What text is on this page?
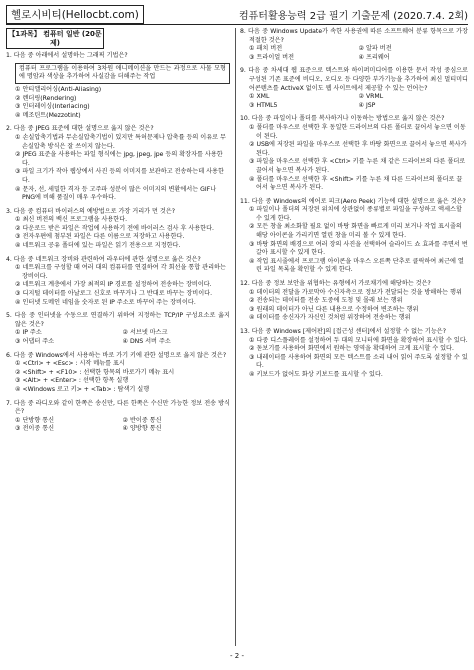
헬로시비티(Hellocbt.com)	컴퓨터활용능력 2급 필기 기출문제 (2020.7.4. 2회)
【1과목】 컴퓨터 일반 (20문제)
1. 다음 중 아래에서 설명하는 그래픽 기법은?
컴퓨터 프로그램을 이용하여 3차원 애니메이션을 만드는 과정으로 사물 모형에 명암과 색상을 추가하여 사실감을 더해주는 작업
① 안티앨리어싱(Anti-Aliasing)
② 렌더링(Rendering)
③ 인터레이싱(Interlacing)
④ 메조틴트(Mezzotint)
2. 다음 중 JPEG 표준에 대한 설명으로 옳지 않은 것은?
① 손실압축기법과 무손실압축기법이 있지만 특허문제나 압축률 등의 이유로 무손실압축 방식은 잘 쓰이지 않는다.
② JPEG 표준을 사용하는 파일 형식에는 jpg, jpeg, jpe 등의 확장자를 사용한다.
③ 파일 크기가 작아 웹상에서 사진 등의 이미지를 보관하고 전송하는데 사용한다.
④ 문자, 선, 세밀한 격자 등 고주파 성분이 많은 이미지의 변환에서는 GIF나 PNG에 비해 품질이 매우 우수하다.
3. 다음 중 컴퓨터 바이러스의 예방법으로 가장 거리가 먼 것은?
① 최신 버전의 백신 프로그램을 사용한다.
② 다운로드 받은 파일은 작업에 사용하기 전에 바이러스 검사 후 사용한다.
③ 전자우편에 첨부된 파일은 다른 이름으로 저장하고 사용한다.
④ 네트워크 공유 폴더에 있는 파일은 읽기 전용으로 지정한다.
4. 다음 중 네트워크 장비와 관련하여 라우터에 관한 설명으로 옳은 것은?
① 네트워크를 구성할 때 여러 대의 컴퓨터를 연결하여 각 회선을 통합 관리하는 장비이다.
② 네트워크 계층에서 가장 최적의 IP 경로를 설정하여 전송하는 장비이다.
③ 디지털 데이터를 아날로그 신호로 바꾸거나 그 반대로 바꾸는 장비이다.
④ 인터넷 도메인 네임을 숫자로 된 IP 주소로 바꾸어 주는 장비이다.
5. 다음 중 인터넷을 수동으로 연결하기 위하여 지정하는 TCP/IP 구성요소로 옳지 않은 것은?
① IP 주소	② 서브넷 마스크
③ 어댑터 주소	④ DNS 서버 주소
6. 다음 중 Windows에서 사용하는 바로 가기 키에 관한 설명으로 옳지 않은 것은?
① <Ctrl> + <Esc> : 시작 메뉴를 표시
② <Shift> + <F10> : 선택한 항목의 바로가기 메뉴 표시
③ <Alt> + <Enter> : 선택한 항목 실행
④ <Windows 로고 키> + <Tab> : 탐색기 실행
7. 다음 중 라디오와 같이 한쪽은 송신만, 다른 한쪽은 수신만 가능한 정보 전송 방식은?
① 단방향 통신	② 반이중 통신
③ 전이중 통신	④ 양방향 통신
8. 다음 중 Windows Update가 속한 사용권에 따른 소프트웨어 분류 항목으로 가장 적절한 것은?
① 패치 버전	② 알파 버전
③ 트라이얼 버전	④ 프리웨어
9. 다음 중 차세대 웹 표준으로 텍스트와 하이퍼미디어를 이용한 문서 작성 중심으로 구성된 기존 표준에 비디오, 오디오 등 다양한 부가기능을 추가하여 최신 멀티미디어콘텐츠를 ActiveX 없이도 웹 사이트에서 제공할 수 있는 언어는?
① XML	② VRML
③ HTML5	④ JSP
10. 다음 중 파일이나 폴더를 복사하거나 이동하는 방법으로 옳지 않은 것은?
① 폴더를 마우스로 선택한 후 동일한 드라이브의 다른 폴더로 끌어서 놓으면 이동이 된다.
② USB에 저장된 파일을 마우스로 선택한 후 바탕 화면으로 끌어서 놓으면 복사가 된다.
③ 파일을 마우스로 선택한 후 <Ctrl> 키를 누른 채 같은 드라이브의 다른 폴더로 끌어서 놓으면 복사가 된다.
④ 폴더를 마우스로 선택한 후 <Shift> 키를 누른 채 다른 드라이브의 폴더로 끌어서 놓으면 복사가 된다.
11. 다음 중 Windows의 에어로 피크(Aero Peek) 기능에 대한 설명으로 옳은 것은?
① 파일이나 폴더의 저장된 위치에 상관없이 종류별로 파일을 구성하고 액세스할 수 있게 한다.
② 모든 창을 최소화할 필요 없이 바탕 화면을 빠르게 미리 보거나 작업 표시줄의 해당 아이콘을 가리키면 열린 창을 미리 볼 수 있게 한다.
③ 바탕 화면의 배경으로 여러 장의 사진을 선택하여 슬라이드 쇼 효과를 주면서 번갈아 표시할 수 있게 한다.
④ 작업 표시줄에서 프로그램 아이콘을 마우스 오른쪽 단추로 클릭하여 최근에 열린 파일 목록을 확인할 수 있게 한다.
12. 다음 중 정보 보안을 위협하는 유형에서 가로채기에 해당하는 것은?
① 데이터의 전달을 가로막아 수신자측으로 정보가 전달되는 것을 방해하는 행위
② 전송되는 데이터를 전송 도중에 도청 및 몰래 보는 행위
③ 원래의 데이터가 아닌 다른 내용으로 수정하여 변조하는 행위
④ 데이터를 송신자가 자신인 것처럼 위장하여 전송하는 행위
13. 다음 중 Windows [제어판]의 [접근성 센터]에서 설정할 수 없는 기능은?
① 다중 디스플레이를 설정하여 두 대의 모니터에 화면을 확장하여 표시할 수 있다.
② 돋보기를 사용하여 화면에서 원하는 영역을 확대하여 크게 표시할 수 있다.
③ 내레이터를 사용하여 화면의 모든 텍스트를 소리 내어 읽어 주도록 설정할 수 있다.
④ 키보드가 없어도 화상 키보드를 표시할 수 있다.
- 2 -
